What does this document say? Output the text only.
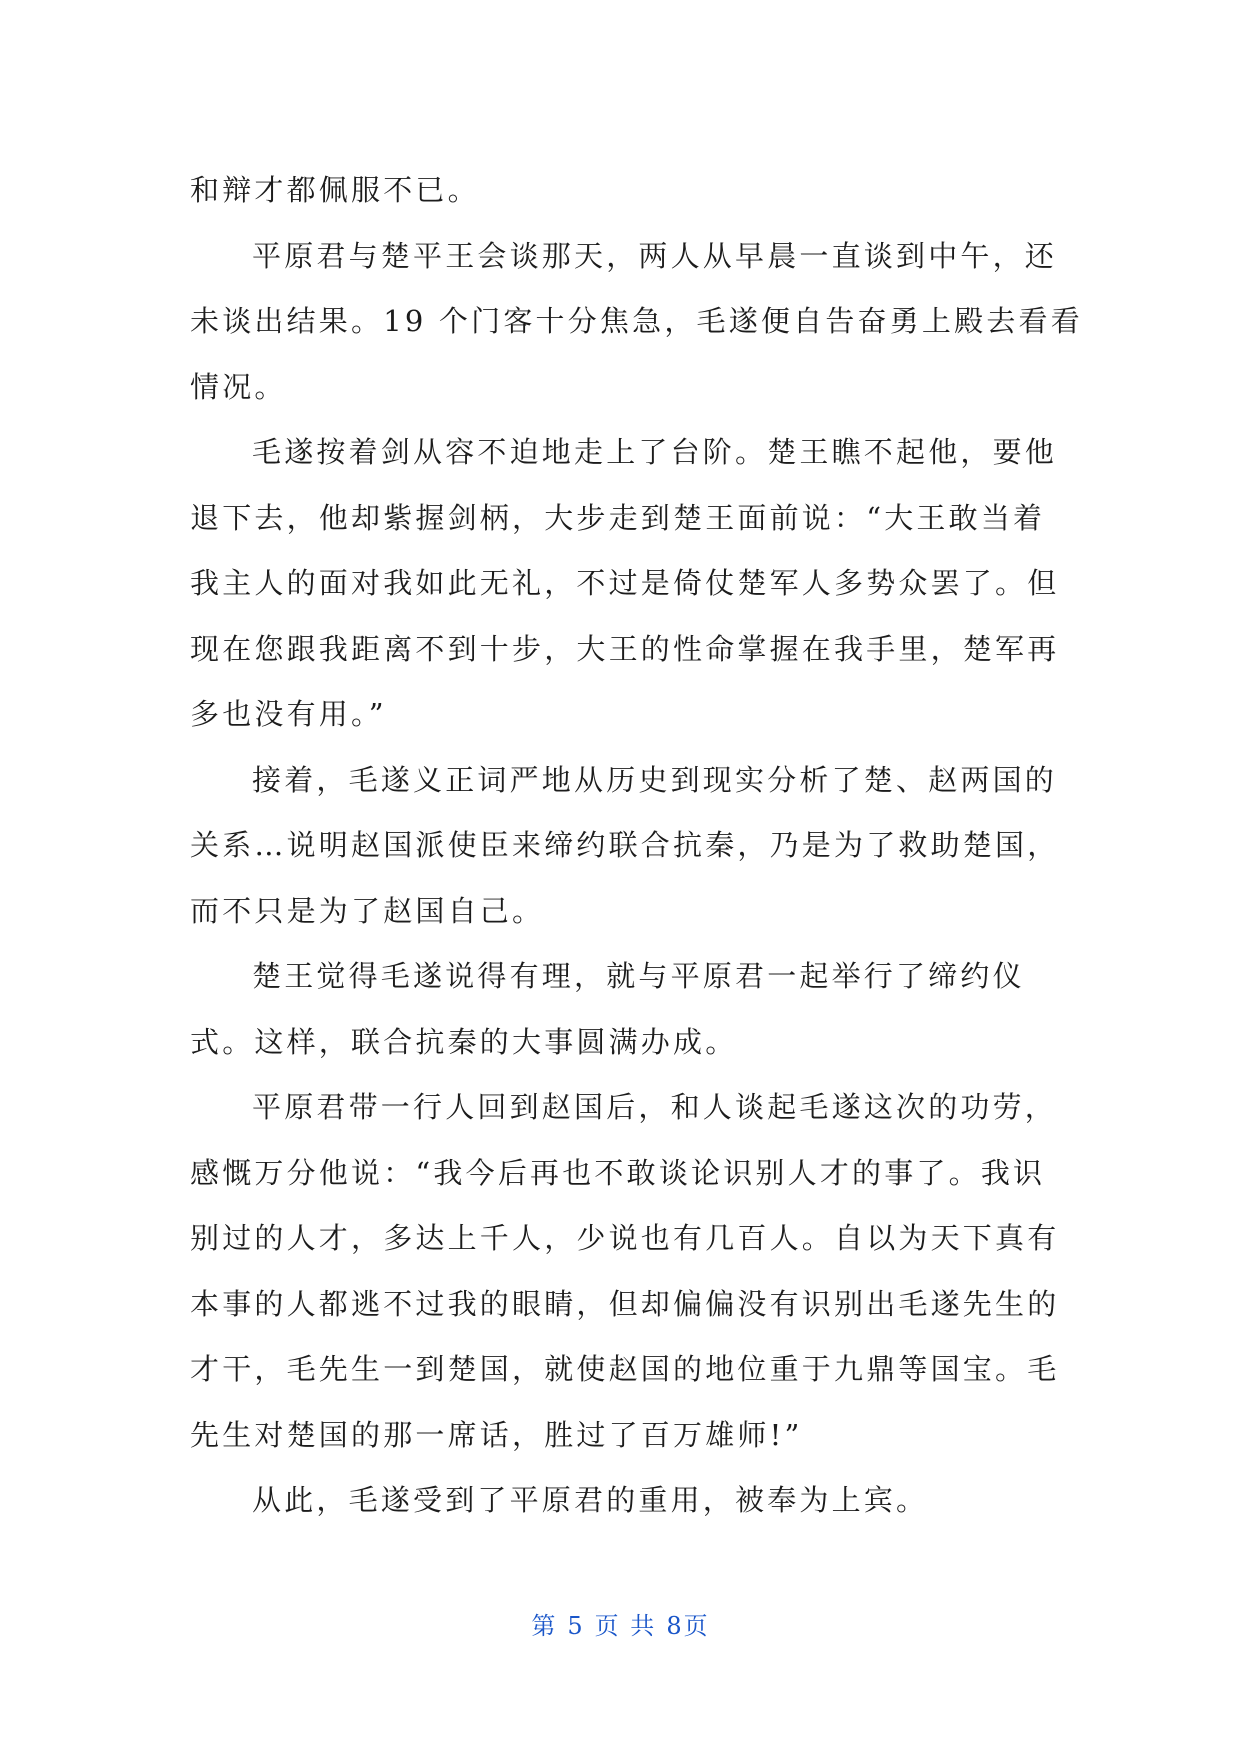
和辩才都佩服不已。
平原君与楚平王会谈那天，两人从早晨一直谈到中午，还
未谈出结果。19 个门客十分焦急，毛遂便自告奋勇上殿去看看
情况。
毛遂按着剑从容不迫地走上了台阶。楚王瞧不起他，要他
退下去，他却紫握剑柄，大步走到楚王面前说：“大王敢当着
我主人的面对我如此无礼，不过是倚仗楚军人多势众罢了。但
现在您跟我距离不到十步，大王的性命掌握在我手里，楚军再
多也没有用。”
接着，毛遂义正词严地从历史到现实分析了楚、赵两国的
关系…说明赵国派使臣来缔约联合抗秦，乃是为了救助楚国，
而不只是为了赵国自己。
楚王觉得毛遂说得有理，就与平原君一起举行了缔约仪
式。这样，联合抗秦的大事圆满办成。
平原君带一行人回到赵国后，和人谈起毛遂这次的功劳，
感慨万分他说：“我今后再也不敢谈论识别人才的事了。我识
别过的人才，多达上千人，少说也有几百人。自以为天下真有
本事的人都逃不过我的眼睛，但却偏偏没有识别出毛遂先生的
才干，毛先生一到楚国，就使赵国的地位重于九鼎等国宝。毛
先生对楚国的那一席话，胜过了百万雄师!”
从此，毛遂受到了平原君的重用，被奉为上宾。
第 5 页 共 8页
